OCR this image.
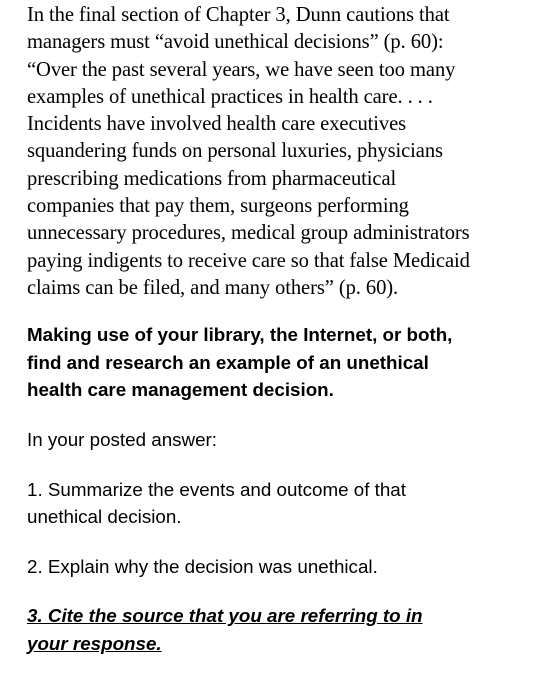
In the final section of Chapter 3, Dunn cautions that
managers must “avoid unethical decisions” (p. 60):
“Over the past several years, we have seen too many
examples of unethical practices in health care. . . .
Incidents have involved health care executives
squandering funds on personal luxuries, physicians
prescribing medications from pharmaceutical
companies that pay them, surgeons performing
unnecessary procedures, medical group administrators
paying indigents to receive care so that false Medicaid
claims can be filed, and many others” (p. 60).

Making use of your library, the Internet, or both,
find and research an example of an unethical
health care management decision.

In your posted answer:

1. Summarize the events and outcome of that
unethical decision.

2. Explain why the decision was unethical.

3. Cite the source that you are referring to in
your response.
